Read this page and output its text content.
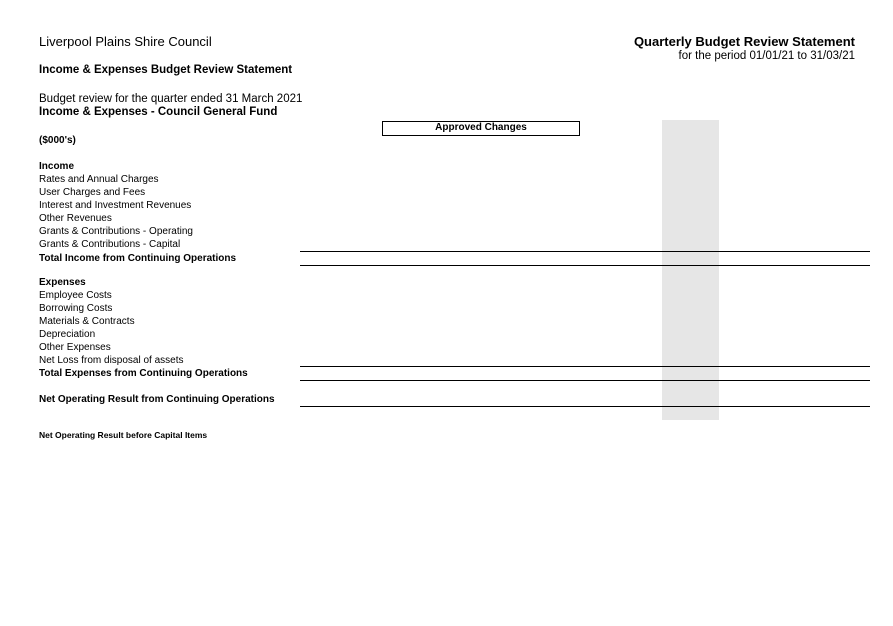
Liverpool Plains Shire Council	Quarterly Budget Review Statement
for the period 01/01/21 to 31/03/21
Income & Expenses Budget Review Statement
Budget review for the quarter ended 31 March 2021
Income & Expenses - Council General Fund
Approved Changes
($000's)
Income
Rates and Annual Charges
User Charges and Fees
Interest and Investment Revenues
Other Revenues
Grants & Contributions - Operating
Grants & Contributions - Capital
Total Income from Continuing Operations
Expenses
Employee Costs
Borrowing Costs
Materials & Contracts
Depreciation
Other Expenses
Net Loss from disposal of assets
Total Expenses from Continuing Operations
Net Operating Result from Continuing Operations
Net Operating Result before Capital Items
